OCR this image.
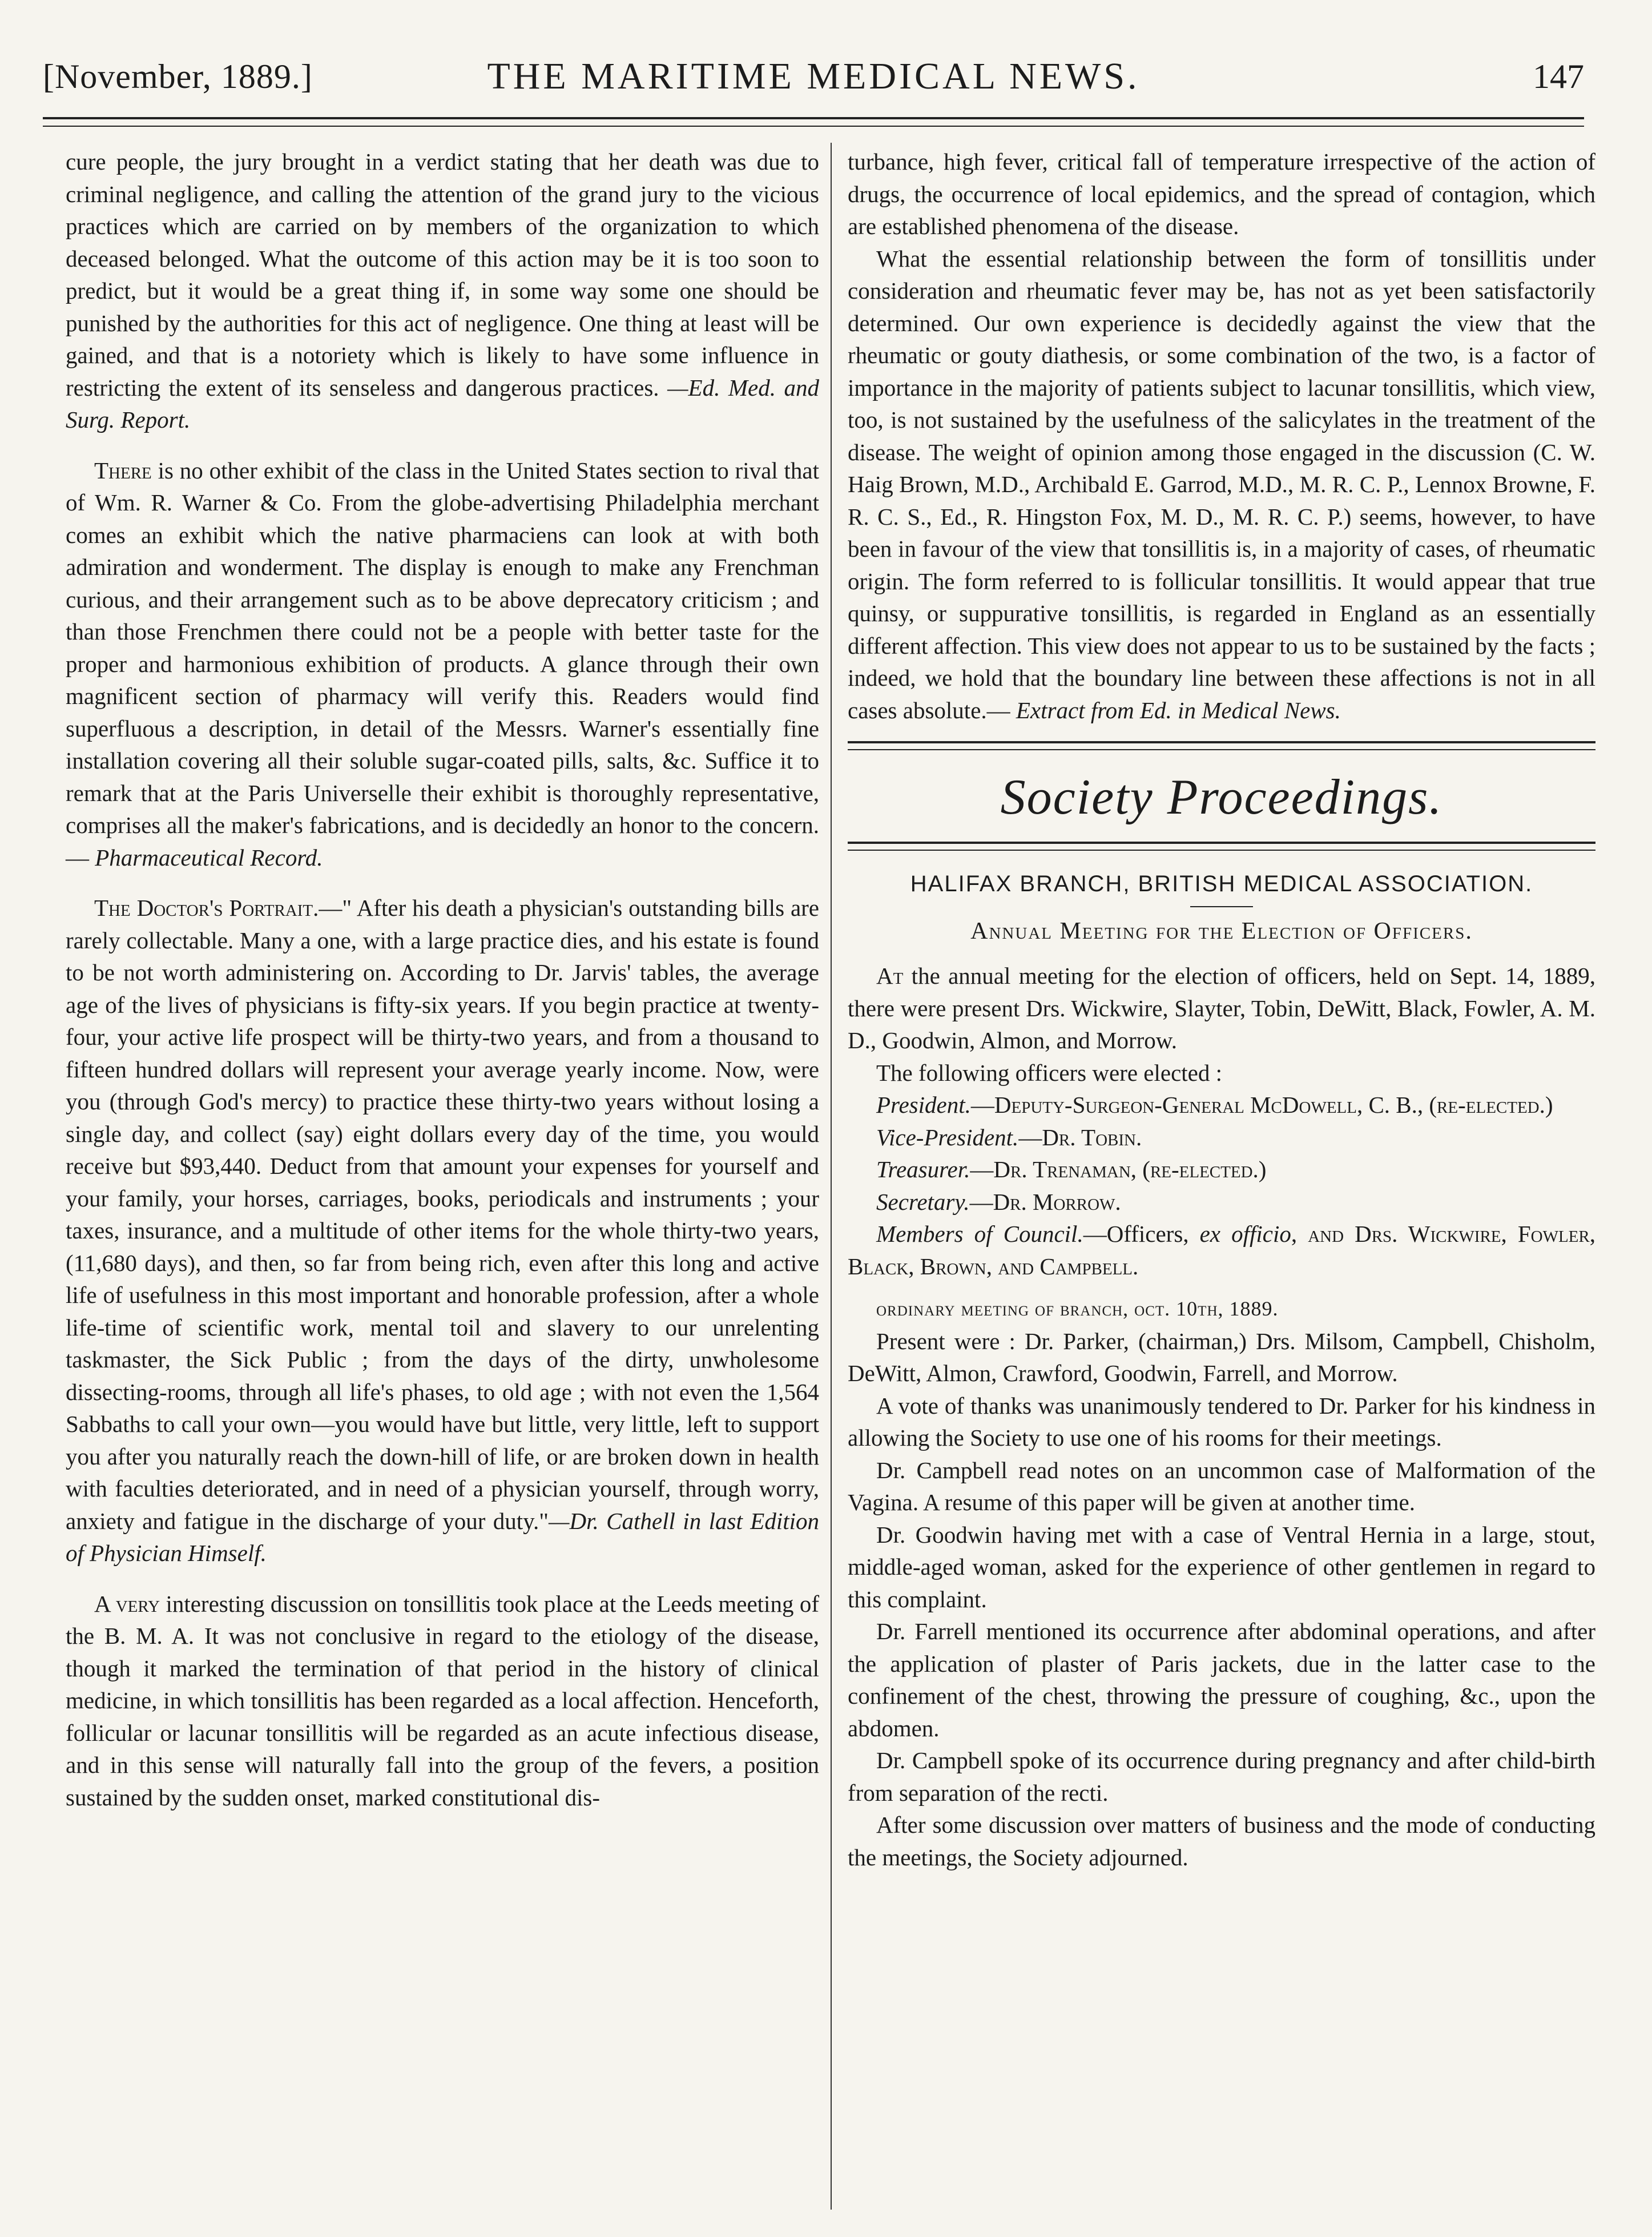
[November, 1889.]	THE MARITIME MEDICAL NEWS.	147

cure people, the jury brought in a verdict stating that her death was due to criminal negligence, and calling the attention of the grand jury to the vicious practices which are carried on by members of the organization to which deceased belonged. What the outcome of this action may be it is too soon to predict, but it would be a great thing if, in some way some one should be punished by the authorities for this act of negligence. One thing at least will be gained, and that is a notoriety which is likely to have some influence in restricting the extent of its senseless and dangerous practices. —Ed. Med. and Surg. Report.

There is no other exhibit of the class in the United States section to rival that of Wm. R. Warner & Co. From the globe-advertising Philadelphia merchant comes an exhibit which the native pharmaciens can look at with both admiration and wonderment. The display is enough to make any Frenchman curious, and their arrangement such as to be above deprecatory criticism ; and than those Frenchmen there could not be a people with better taste for the proper and harmonious exhibition of products. A glance through their own magnificent section of pharmacy will verify this. Readers would find superfluous a description, in detail of the Messrs. Warner's essentially fine installation covering all their soluble sugar-coated pills, salts, &c. Suffice it to remark that at the Paris Universelle their exhibit is thoroughly representative, comprises all the maker's fabrications, and is decidedly an honor to the concern.— Pharmaceutical Record.

The Doctor's Portrait.—" After his death a physician's outstanding bills are rarely collectable. Many a one, with a large practice dies, and his estate is found to be not worth administering on. According to Dr. Jarvis' tables, the average age of the lives of physicians is fifty-six years. If you begin practice at twenty-four, your active life prospect will be thirty-two years, and from a thousand to fifteen hundred dollars will represent your average yearly income. Now, were you (through God's mercy) to practice these thirty-two years without losing a single day, and collect (say) eight dollars every day of the time, you would receive but $93,440. Deduct from that amount your expenses for yourself and your family, your horses, carriages, books, periodicals and instruments ; your taxes, insurance, and a multitude of other items for the whole thirty-two years, (11,680 days), and then, so far from being rich, even after this long and active life of usefulness in this most important and honorable profession, after a whole life-time of scientific work, mental toil and slavery to our unrelenting taskmaster, the Sick Public ; from the days of the dirty, unwholesome dissecting-rooms, through all life's phases, to old age ; with not even the 1,564 Sabbaths to call your own—you would have but little, very little, left to support you after you naturally reach the down-hill of life, or are broken down in health with faculties deteriorated, and in need of a physician yourself, through worry, anxiety and fatigue in the discharge of your duty."—Dr. Cathell in last Edition of Physician Himself.

A very interesting discussion on tonsillitis took place at the Leeds meeting of the B. M. A. It was not conclusive in regard to the etiology of the disease, though it marked the termination of that period in the history of clinical medicine, in which tonsillitis has been regarded as a local affection. Henceforth, follicular or lacunar tonsillitis will be regarded as an acute infectious disease, and in this sense will naturally fall into the group of the fevers, a position sustained by the sudden onset, marked constitutional dis-

turbance, high fever, critical fall of temperature irrespective of the action of drugs, the occurrence of local epidemics, and the spread of contagion, which are established phenomena of the disease.

What the essential relationship between the form of tonsillitis under consideration and rheumatic fever may be, has not as yet been satisfactorily determined. Our own experience is decidedly against the view that the rheumatic or gouty diathesis, or some combination of the two, is a factor of importance in the majority of patients subject to lacunar tonsillitis, which view, too, is not sustained by the usefulness of the salicylates in the treatment of the disease. The weight of opinion among those engaged in the discussion (C. W. Haig Brown, M.D., Archibald E. Garrod, M.D., M. R. C. P., Lennox Browne, F. R. C. S., Ed., R. Hingston Fox, M. D., M. R. C. P.) seems, however, to have been in favour of the view that tonsillitis is, in a majority of cases, of rheumatic origin. The form referred to is follicular tonsillitis. It would appear that true quinsy, or suppurative tonsillitis, is regarded in England as an essentially different affection. This view does not appear to us to be sustained by the facts ; indeed, we hold that the boundary line between these affections is not in all cases absolute.— Extract from Ed. in Medical News.

Society Proceedings.
HALIFAX BRANCH, BRITISH MEDICAL ASSOCIATION.
Annual Meeting for the Election of Officers.

At the annual meeting for the election of officers, held on Sept. 14, 1889, there were present Drs. Wickwire, Slayter, Tobin, DeWitt, Black, Fowler, A. M. D., Goodwin, Almon, and Morrow.

The following officers were elected :

President.—Deputy-Surgeon-General McDowell, C. B., (re-elected.)

Vice-President.—Dr. Tobin.

Treasurer.—Dr. Trenaman, (re-elected.)

Secretary.—Dr. Morrow.

Members of Council.—Officers, ex officio, and Drs. Wickwire, Fowler, Black, Brown, and Campbell.

ordinary meeting of branch, oct. 10th, 1889.

Present were : Dr. Parker, (chairman,) Drs. Milsom, Campbell, Chisholm, DeWitt, Almon, Crawford, Goodwin, Farrell, and Morrow.

A vote of thanks was unanimously tendered to Dr. Parker for his kindness in allowing the Society to use one of his rooms for their meetings.

Dr. Campbell read notes on an uncommon case of Malformation of the Vagina. A resume of this paper will be given at another time.

Dr. Goodwin having met with a case of Ventral Hernia in a large, stout, middle-aged woman, asked for the experience of other gentlemen in regard to this complaint.

Dr. Farrell mentioned its occurrence after abdominal operations, and after the application of plaster of Paris jackets, due in the latter case to the confinement of the chest, throwing the pressure of coughing, &c., upon the abdomen.

Dr. Campbell spoke of its occurrence during pregnancy and after child-birth from separation of the recti.

After some discussion over matters of business and the mode of conducting the meetings, the Society adjourned.
